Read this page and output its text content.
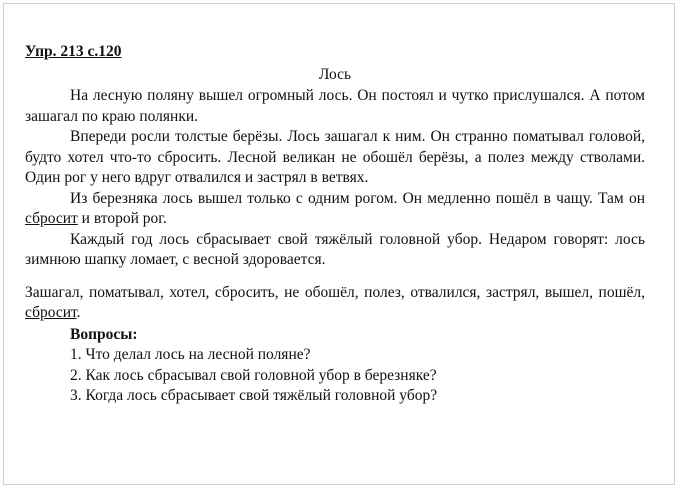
Упр. 213 с.120

Лось

На лесную поляну вышел огромный лось. Он постоял и чутко прислушался. А потом зашагал по краю полянки.

Впереди росли толстые берёзы. Лось зашагал к ним. Он странно поматывал головой, будто хотел что-то сбросить. Лесной великан не обошёл берёзы, а полез между стволами. Один рог у него вдруг отвалился и застрял в ветвях.

Из березняка лось вышел только с одним рогом. Он медленно пошёл в чащу. Там он сбросит и второй рог.

Каждый год лось сбрасывает свой тяжёлый головной убор. Недаром говорят: лось зимнюю шапку ломает, с весной здоровается.

Зашагал, поматывал, хотел, сбросить, не обошёл, полез, отвалился, застрял, вышел, пошёл, сбросит.

Вопросы:

1. Что делал лось на лесной поляне?

2. Как лось сбрасывал свой головной убор в березняке?

3. Когда лось сбрасывает свой тяжёлый головной убор?
